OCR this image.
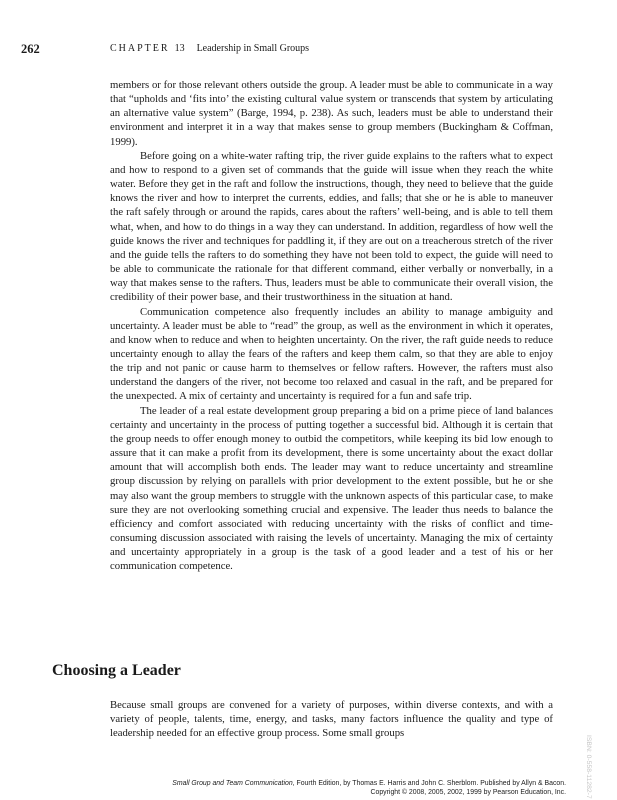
262	CHAPTER 13 Leadership in Small Groups

members or for those relevant others outside the group. A leader must be able to communicate in a way that “upholds and ‘fits into’ the existing cultural value system or transcends that system by articulating an alternative value system” (Barge, 1994, p. 238). As such, leaders must be able to understand their environment and interpret it in a way that makes sense to group members (Buckingham & Coffman, 1999).

Before going on a white-water rafting trip, the river guide explains to the rafters what to expect and how to respond to a given set of commands that the guide will issue when they reach the white water. Before they get in the raft and follow the instructions, though, they need to believe that the guide knows the river and how to interpret the currents, eddies, and falls; that she or he is able to maneuver the raft safely through or around the rapids, cares about the rafters’ well-being, and is able to tell them what, when, and how to do things in a way they can understand. In addition, regardless of how well the guide knows the river and techniques for paddling it, if they are out on a treacherous stretch of the river and the guide tells the rafters to do something they have not been told to expect, the guide will need to be able to communicate the rationale for that different command, either verbally or nonverbally, in a way that makes sense to the rafters. Thus, leaders must be able to communicate their overall vision, the credibility of their power base, and their trustworthiness in the situation at hand.

Communication competence also frequently includes an ability to manage ambiguity and uncertainty. A leader must be able to “read” the group, as well as the environment in which it operates, and know when to reduce and when to heighten uncertainty. On the river, the raft guide needs to reduce uncertainty enough to allay the fears of the rafters and keep them calm, so that they are able to enjoy the trip and not panic or cause harm to themselves or fellow rafters. However, the rafters must also understand the dangers of the river, not become too relaxed and casual in the raft, and be prepared for the unexpected. A mix of certainty and uncertainty is required for a fun and safe trip.

The leader of a real estate development group preparing a bid on a prime piece of land balances certainty and uncertainty in the process of putting together a successful bid. Although it is certain that the group needs to offer enough money to outbid the competitors, while keeping its bid low enough to assure that it can make a profit from its development, there is some uncertainty about the exact dollar amount that will accomplish both ends. The leader may want to reduce uncertainty and streamline group discussion by relying on parallels with prior development to the extent possible, but he or she may also want the group members to struggle with the unknown aspects of this particular case, to make sure they are not overlooking something crucial and expensive. The leader thus needs to balance the efficiency and comfort associated with reducing uncertainty with the risks of conflict and time-consuming discussion associated with raising the levels of uncertainty. Managing the mix of certainty and uncertainty appropriately in a group is the task of a good leader and a test of his or her communication competence.

Choosing a Leader

Because small groups are convened for a variety of purposes, within diverse contexts, and with a variety of people, talents, time, energy, and tasks, many factors influence the quality and type of leadership needed for an effective group process. Some small groups

ISBN: 0-558-11282-7
Small Group and Team Communication, Fourth Edition, by Thomas E. Harris and John C. Sherblom. Published by Allyn & Bacon.
Copyright © 2008, 2005, 2002, 1999 by Pearson Education, Inc.
